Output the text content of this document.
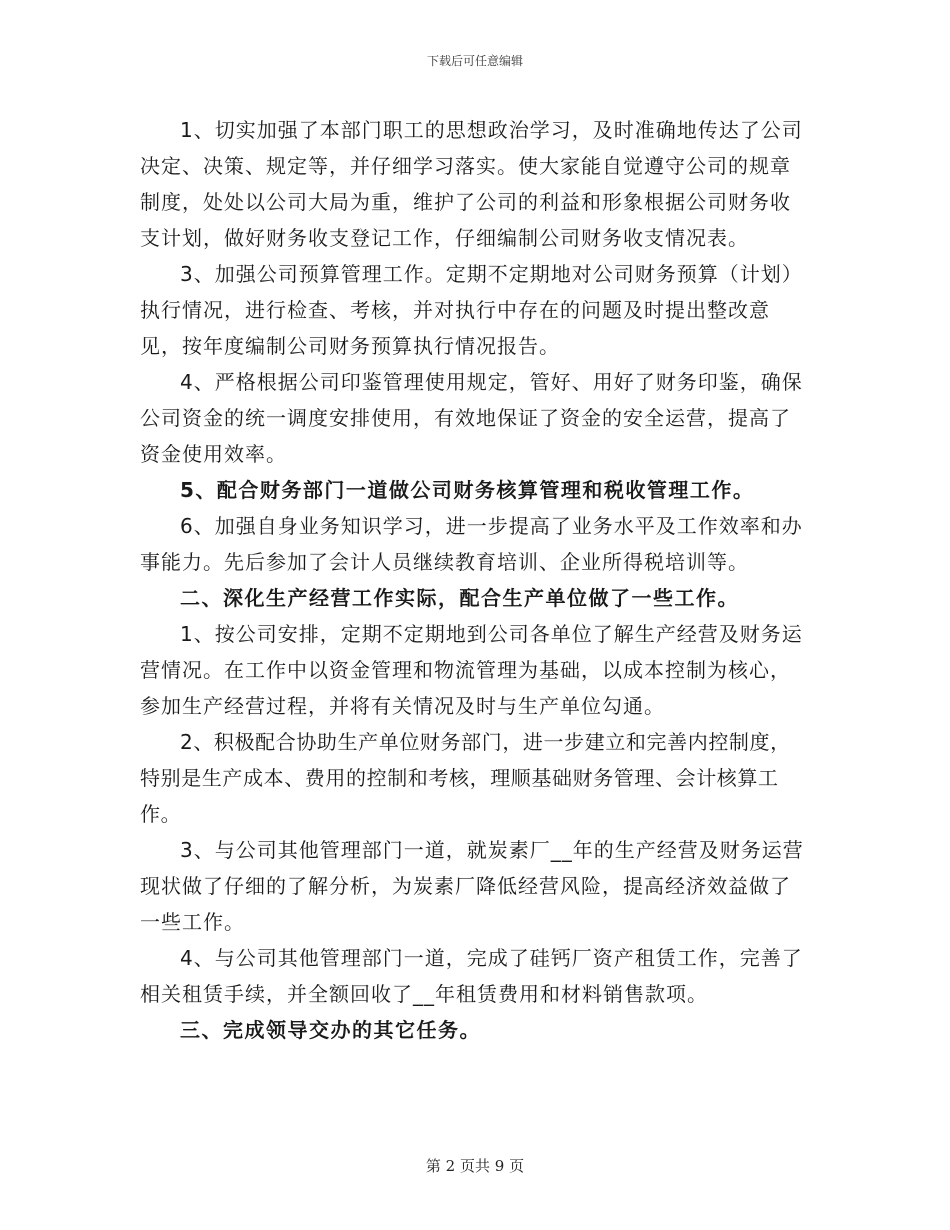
下载后可任意编辑

1、切实加强了本部门职工的思想政治学习，及时准确地传达了公司决定、决策、规定等，并仔细学习落实。使大家能自觉遵守公司的规章制度，处处以公司大局为重，维护了公司的利益和形象根据公司财务收支计划，做好财务收支登记工作，仔细编制公司财务收支情况表。

3、加强公司预算管理工作。定期不定期地对公司财务预算（计划）执行情况，进行检查、考核，并对执行中存在的问题及时提出整改意见，按年度编制公司财务预算执行情况报告。

4、严格根据公司印鉴管理使用规定，管好、用好了财务印鉴，确保公司资金的统一调度安排使用，有效地保证了资金的安全运营，提高了资金使用效率。

5、配合财务部门一道做公司财务核算管理和税收管理工作。

6、加强自身业务知识学习，进一步提高了业务水平及工作效率和办事能力。先后参加了会计人员继续教育培训、企业所得税培训等。

二、深化生产经营工作实际，配合生产单位做了一些工作。

1、按公司安排，定期不定期地到公司各单位了解生产经营及财务运营情况。在工作中以资金管理和物流管理为基础，以成本控制为核心，参加生产经营过程，并将有关情况及时与生产单位勾通。

2、积极配合协助生产单位财务部门，进一步建立和完善内控制度，特别是生产成本、费用的控制和考核，理顺基础财务管理、会计核算工作。

3、与公司其他管理部门一道，就炭素厂__年的生产经营及财务运营现状做了仔细的了解分析，为炭素厂降低经营风险，提高经济效益做了一些工作。

4、与公司其他管理部门一道，完成了硅钙厂资产租赁工作，完善了相关租赁手续，并全额回收了__年租赁费用和材料销售款项。

三、完成领导交办的其它任务。

第 2 页共 9 页
